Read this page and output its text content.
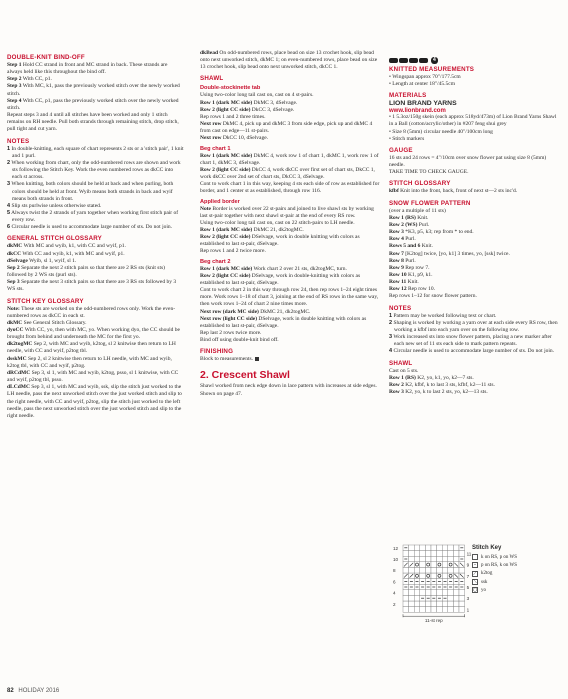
DOUBLE-KNIT BIND-OFF

Step 1 Hold CC strand in front and MC strand in back. These strands are always held like this throughout the bind off.

Step 2 With CC, p1.

Step 3 With MC, k1, pass the previously worked stitch over the newly worked stitch.

Step 4 With CC, p1, pass the previously worked stitch over the newly worked stitch.

Repeat steps 3 and 4 until all stitches have been worked and only 1 stitch remains on RH needle. Pull both strands through remaining stitch, drop stitch, pull tight and cut yarn.

NOTES

1 In double-knitting, each square of chart represents 2 sts or a 'stitch pair', 1 knit and 1 purl.

2 When working from chart, only the odd-numbered rows are shown and work sts following the Stitch Key. Work the even numbered rows as dkCC into each st across.

3 When knitting, both colors should be held at back and when purling, both colors should be held at front. Wyib means both strands in back and wyif means both strands in front.

4 Slip sts purlwise unless otherwise stated.

5 Always twist the 2 strands of yarn together when working first stitch pair of every row.

6 Circular needle is used to accommodate large number of sts. Do not join.

GENERAL STITCH GLOSSARY

dkMC With MC and wyib, k1, with CC and wyif, p1.

dkCC With CC and wyib, k1, with MC and wyif, p1.

dSelvage Wyib, sl 1, wyif, sl 1.

Sep 2 Separate the next 2 stitch pairs so that there are 2 RS sts (knit sts) followed by 2 WS sts (purl sts).

Sep 3 Separate the next 3 stitch pairs so that there are 3 RS sts followed by 3 WS sts.

STITCH KEY GLOSSARY

Note: These sts are worked on the odd-numbered rows only. Work the even-numbered rows as dkCC in each st.

dkMC See General Stitch Glossary.

dyoCC With CC, yo, then with MC, yo. When working dyo, the CC should be brought from behind and underneath the MC for the first yo.

dk2togMC Sep 2, with MC and wyib, k2tog, sl 2 knitwise then return to LH needle, with CC and wyif, p2tog tbl.

dsskMC Sep 2, sl 2 knitwise then return to LH needle, with MC and wyib, k2tog tbl, with CC and wyif, p2tog.

dRCdMC Sep 3, sl 1, with MC and wyib, k2tog, psso, sl 1 knitwise, with CC and wyif, p2tog tbl, psso.

dLCdMC Sep 3, sl 1, with MC and wyib, ssk, slip the stitch just worked to the LH needle, pass the next unworked stitch over the just worked stitch and slip to the right needle, with CC and wyif, p2tog, slip the stitch just worked to the left needle, pass the next unworked stitch over the just worked stitch and slip to the right needle.

dkBead On odd-numbered rows, place bead on size 13 crochet hook, slip bead onto next unworked stitch, dkMC 1; on even-numbered rows, place bead on size 13 crochet hook, slip bead onto next unworked stitch, dkCC 1.

SHAWL
Double-stockinette tab

Using two-color long tail cast on, cast on 4 st-pairs.

Row 1 (dark MC side) DkMC 3, dSelvage.

Row 2 (light CC side) DkCC 3, dSelvage.

Rep rows 1 and 2 three times.

Next row DkMC 4, pick up and dkMC 3 from side edge, pick up and dkMC 4 from cast on edge—11 st-pairs.

Next row DkCC 10, dSelvage.

Beg chart 1

Row 1 (dark MC side) DkMC 4, work row 1 of chart 1, dkMC 1, work row 1 of chart 1, dkMC 3, dSelvage.

Row 2 (light CC side) DkCC 4, work dkCC over first set of chart sts, DkCC 1, work dkCC over 2nd set of chart sts, DkCC 3, dSelvage.

Cont to work chart 1 in this way, keeping 4 sts each side of row as established for border, and 1 center st as established, through row 116.

Applied border

Note Border is worked over 22 st-pairs and joined to live shawl sts by working last st-pair together with next shawl st-pair at the end of every RS row.

Using two-color long tail cast on, cast on 22 stitch-pairs to LH needle.

Row 1 (dark MC side) DkMC 21, dk2togMC.

Row 2 (light CC side) DSelvage, work in double knitting with colors as established to last st-pair, dSelvage.

Rep rows 1 and 2 twice more.

Beg chart 2

Row 1 (dark MC side) Work chart 2 over 21 sts, dk2togMC, turn.

Row 2 (light CC side) DSelvage, work in double-knitting with colors as established to last st-pair, dSelvage.

Cont to work chart 2 in this way through row 24, then rep rows 1–24 eight times more. Work rows 1–18 of chart 3, joining at the end of RS rows in the same way, then work rows 1–24 of chart 2 nine times more.

Next row (dark MC side) DkMC 21, dk2togMC.

Next row (light CC side) DSelvage, work in double knitting with colors as established to last st-pair, dSelvage.

Rep last 2 rows twice more.

Bind off using double-knit bind off.

FINISHING

Block to measurements.

2. Crescent Shawl

Shawl worked from neck edge down in lace pattern with increases at side edges. Shown on page 47.

4
KNITTED MEASUREMENTS

• Wingspan approx 70"/177.5cm

• Length at center 18"/45.5cm

MATERIALS
LION BRAND YARNS
www.lionbrand.com

• 1 5.3oz/150g skein (each approx 518yd/473m) of Lion Brand Yarns Shawl in a Ball (cotton/acrylic/other) in #207 feng shui grey

• Size 8 (5mm) circular needle 40"/100cm long

• Stitch markers

GAUGE

16 sts and 24 rows = 4"/10cm over snow flower pat using size 8 (5mm) needle.

TAKE TIME TO CHECK GAUGE.

STITCH GLOSSARY

kfbf Knit into the front, back, front of next st—2 sts inc'd.

SNOW FLOWER PATTERN

(over a multiple of 11 sts)

Row 1 (RS) Knit.

Row 2 (WS) Purl.

Row 3 *K3, p5, k3; rep from * to end.

Row 4 Purl.

Rows 5 and 6 Knit.

Row 7 [K2tog] twice, [yo, k1] 3 times, yo, [ssk] twice.

Row 8 Purl.

Row 9 Rep row 7.

Row 10 K1, p9, k1.

Row 11 Knit.

Row 12 Rep row 10.

Rep rows 1–12 for snow flower pattern.

NOTES

1 Pattern may be worked following text or chart.

2 Shaping is worked by working a yarn over at each side every RS row, then working a kfbf into each yarn over on the following row.

3 Work increased sts into snow flower pattern, placing a new marker after each new set of 11 sts each side to mark pattern repeats.

4 Circular needle is used to accommodate large number of sts. Do not join.

SHAWL

Cast on 5 sts.

Row 1 (RS) K2, yo, k1, yo, k2—7 sts.

Row 2 K2, kfbf, k to last 3 sts, kfbf, k2—11 sts.

Row 3 K2, yo, k to last 2 sts, yo, k2—13 sts.

12
10
8
6
4
2
11
9
7
5
3
1
11-st rep
Stitch Key
k on RS, p on WS
– p on RS, k on WS
⟋ k2tog
⟍ ssk
○ yo
82 HOLIDAY 2016
